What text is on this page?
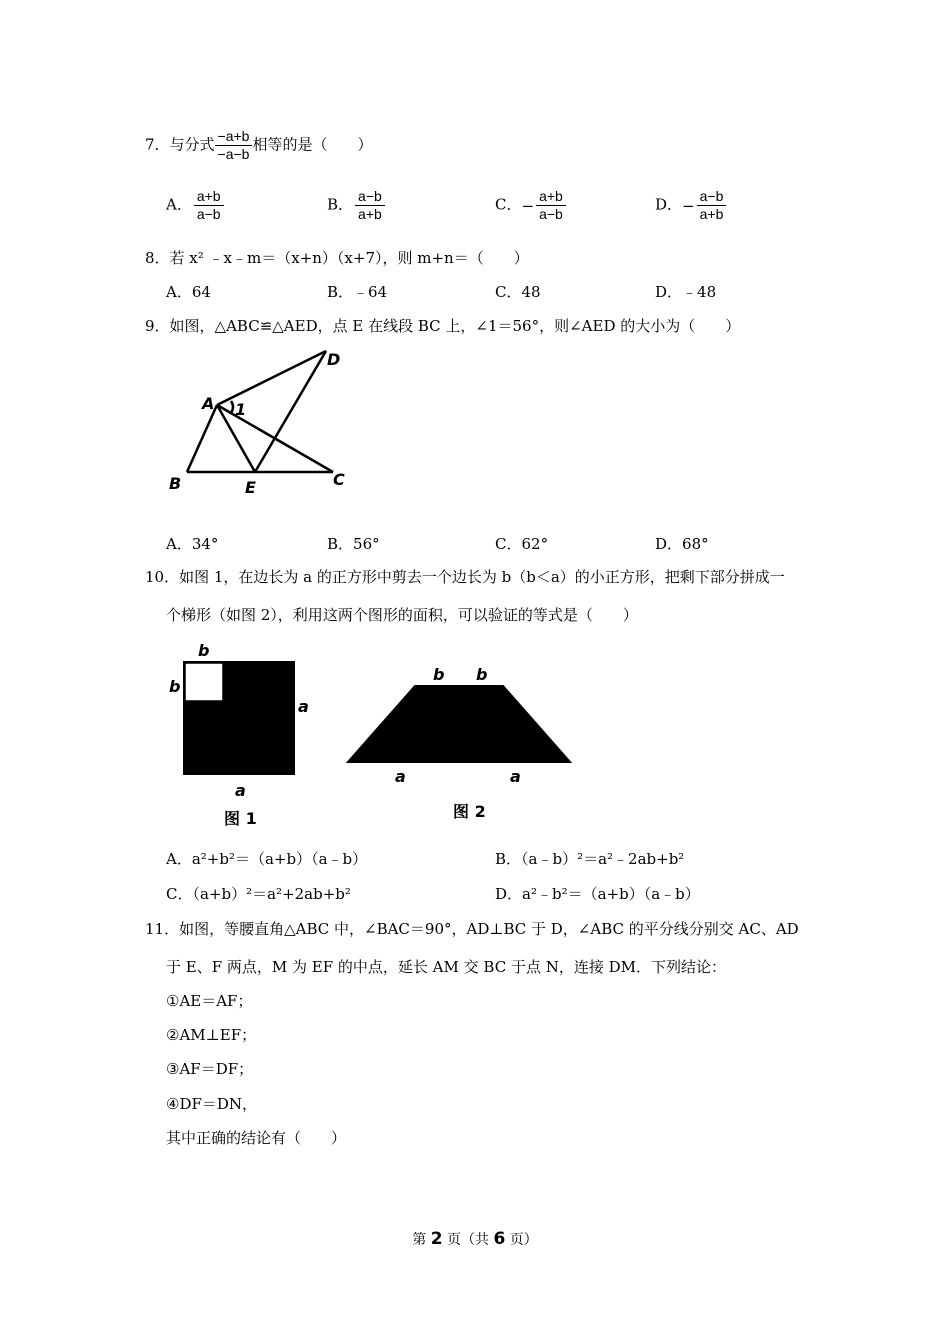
7．与分式 $\frac{-a+b}{-a-b}$ 相等的是（　　）
A． $\frac{a+b}{a-b}$	B． $\frac{a-b}{a+b}$	C．− $\frac{a+b}{a-b}$	D．− $\frac{a-b}{a+b}$
8．若 x² ﹣x﹣m＝（x+n）（x+7），则 m+n＝（　　）
A．64	B．﹣64	C．48	D．﹣48
9．如图，△ABC≌△AED，点 E 在线段 BC 上，∠1＝56°，则∠AED 的大小为（　　）
A 1
D
B	E	C
A．34°	B．56°	C．62°	D．68°
10．如图 1，在边长为 a 的正方形中剪去一个边长为 b（b＜a）的小正方形，把剩下部分拼成一
个梯形（如图 2），利用这两个图形的面积，可以验证的等式是（　　）
b
b
a
a
图 1
b b
a	a
图 2
A．a²+b²＝（a+b）（a﹣b）	B．（a﹣b）²＝a²﹣2ab+b²
C．（a+b）²＝a²+2ab+b²	D．a²﹣b²＝（a+b）（a﹣b）
11．如图，等腰直角△ABC 中，∠BAC＝90°，AD⊥BC 于 D，∠ABC 的平分线分别交 AC、AD
于 E、F 两点，M 为 EF 的中点，延长 AM 交 BC 于点 N，连接 DM．下列结论：
①AE＝AF；
②AM⊥EF；
③AF＝DF；
④DF＝DN，
其中正确的结论有（　　）
第 2 页（共 6 页）
